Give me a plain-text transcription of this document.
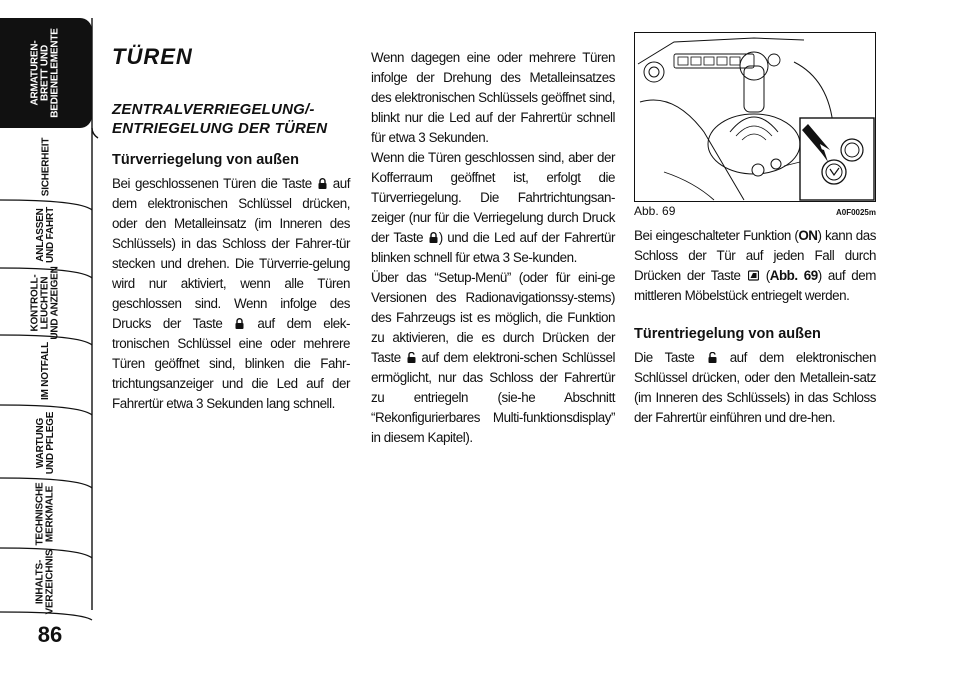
ARMATUREN-
BRETT UND
BEDIENELEMENTE
SICHERHEIT
ANLASSEN
UND FAHRT
KONTROLL-
LEUCHTEN
UND ANZEIGEN
IM NOTFALL
WARTUNG
UND PFLEGE
TECHNISCHE
MERKMALE
INHALTS-
VERZEICHNIS
86
TÜREN
ZENTRALVERRIEGELUNG/-
ENTRIEGELUNG DER TÜREN
Türverriegelung von außen

Bei geschlossenen Türen die Taste auf dem elektronischen Schlüssel drücken, oder den Metalleinsatz (im Inneren des Schlüssels) in das Schloss der Fahrer-tür stecken und drehen. Die Türverrie-gelung wird nur aktiviert, wenn alle Türen geschlossen sind. Wenn infolge des Drucks der Taste	auf dem elek-tronischen Schlüssel eine oder mehrere Türen geöffnet sind, blinken die Fahr-trichtungsanzeiger und die Led auf der Fahrertür etwa 3 Sekunden lang schnell.

Wenn dagegen eine oder mehrere Türen infolge der Drehung des Metalleinsatzes des elektronischen Schlüssels geöffnet sind, blinkt nur die Led auf der Fahrertür schnell für etwa 3 Sekunden.

Wenn die Türen geschlossen sind, aber der Kofferraum geöffnet ist, erfolgt die Türverriegelung. Die Fahrtrichtungsan-zeiger (nur für die Verriegelung durch Druck der Taste ) und die Led auf der Fahrertür blinken schnell für etwa 3 Se-kunden.

Über das “Setup-Menü” (oder für eini-ge Versionen des Radionavigationssy-stems) des Fahrzeugs ist es möglich, die Funktion zu aktivieren, die es durch Drücken der Taste auf dem elektroni-schen Schlüssel ermöglicht, nur das Schloss der Fahrertür zu entriegeln (sie-he Abschnitt “Rekonfigurierbares Multi-funktionsdisplay” in diesem Kapitel).

Abb. 69	A0F0025m

Bei eingeschalteter Funktion (ON) kann das Schloss der Tür auf jeden Fall durch Drücken der Taste  (Abb. 69) auf dem mittleren Möbelstück entriegelt werden.

Türentriegelung von außen

Die Taste	auf dem elektronischen Schlüssel drücken, oder den Metallein-satz (im Inneren des Schlüssels) in das Schloss der Fahrertür einführen und dre-hen.
